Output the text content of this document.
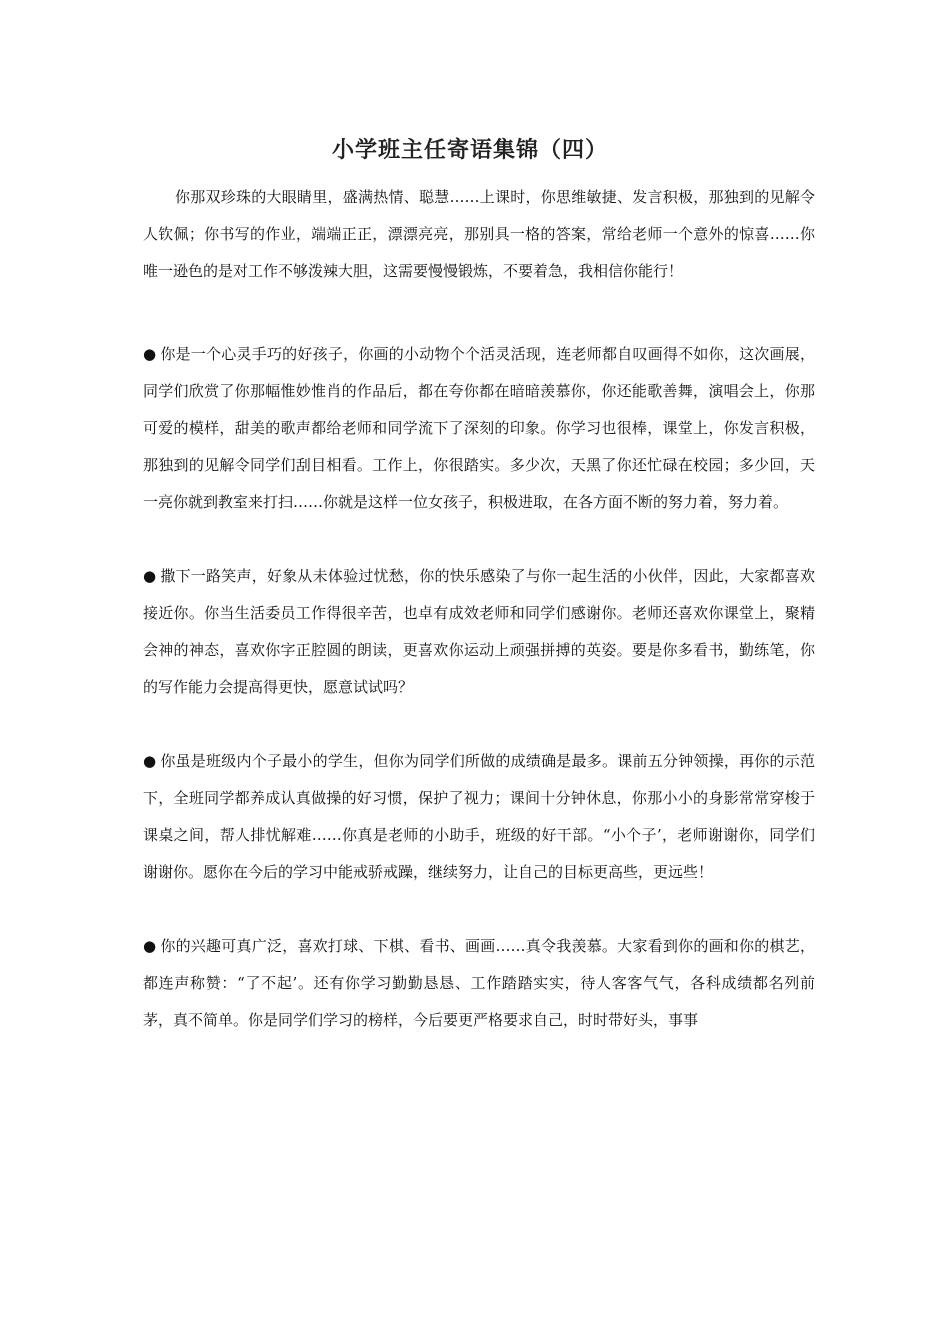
小学班主任寄语集锦（四）

你那双珍珠的大眼睛里，盛满热情、聪慧……上课时，你思维敏捷、发言积极，那独到的见解令人钦佩；你书写的作业，端端正正，漂漂亮亮，那别具一格的答案，常给老师一个意外的惊喜……你唯一逊色的是对工作不够泼辣大胆，这需要慢慢锻炼，不要着急，我相信你能行！

● 你是一个心灵手巧的好孩子，你画的小动物个个活灵活现，连老师都自叹画得不如你，这次画展，同学们欣赏了你那幅惟妙惟肖的作品后，都在夸你都在暗暗羡慕你，你还能歌善舞，演唱会上，你那可爱的模样，甜美的歌声都给老师和同学流下了深刻的印象。你学习也很棒，课堂上，你发言积极，那独到的见解令同学们刮目相看。工作上，你很踏实。多少次，天黑了你还忙碌在校园；多少回，天一亮你就到教室来打扫……你就是这样一位女孩子，积极进取，在各方面不断的努力着，努力着。

● 撒下一路笑声，好象从未体验过忧愁，你的快乐感染了与你一起生活的小伙伴，因此，大家都喜欢接近你。你当生活委员工作得很辛苦，也卓有成效老师和同学们感谢你。老师还喜欢你课堂上，聚精会神的神态，喜欢你字正腔圆的朗读，更喜欢你运动上顽强拼搏的英姿。要是你多看书，勤练笔，你的写作能力会提高得更快，愿意试试吗？

● 你虽是班级内个子最小的学生，但你为同学们所做的成绩确是最多。课前五分钟领操，再你的示范下，全班同学都养成认真做操的好习惯，保护了视力；课间十分钟休息，你那小小的身影常常穿梭于课桌之间，帮人排忧解难……你真是老师的小助手，班级的好干部。“小个子’，老师谢谢你，同学们谢谢你。愿你在今后的学习中能戒骄戒躁，继续努力，让自己的目标更高些，更远些！

● 你的兴趣可真广泛，喜欢打球、下棋、看书、画画……真令我羡慕。大家看到你的画和你的棋艺，都连声称赞：“了不起’。还有你学习勤勤恳恳、工作踏踏实实，待人客客气气，各科成绩都名列前茅，真不简单。你是同学们学习的榜样，今后要更严格要求自己，时时带好头，事事
